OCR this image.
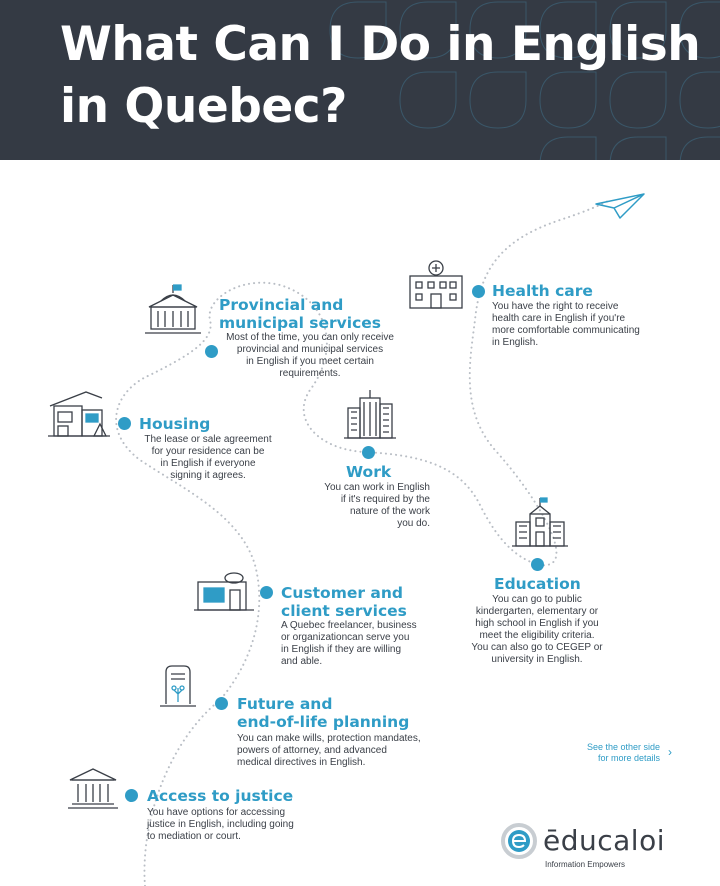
What Can I Do in English
in Quebec?
Health care
You have the right to receive
health care in English if you're
more comfortable communicating
in English.
Provincial and
municipal services
Most of the time, you can only receive
provincial and municipal services
in English if you meet certain
requirements.
Housing
The lease or sale agreement
for your residence can be
in English if everyone
signing it agrees.	Work
You can work in English
if it's required by the
nature of the work
you do.
Education
You can go to public
kindergarten, elementary or
high school in English if you
meet the eligibility criteria.
You can also go to CEGEP or
university in English.
Customer and
client services
A Quebec freelancer, business
or organizationcan serve you
in English if they are willing
and able.
Future and
end-of-life planning
You can make wills, protection mandates,
powers of attorney, and advanced
medical directives in English.
Access to justice
You have options for accessing
justice in English, including going
to mediation or court.
See the other side
for more details ›
ēducaloi
Information Empowers
